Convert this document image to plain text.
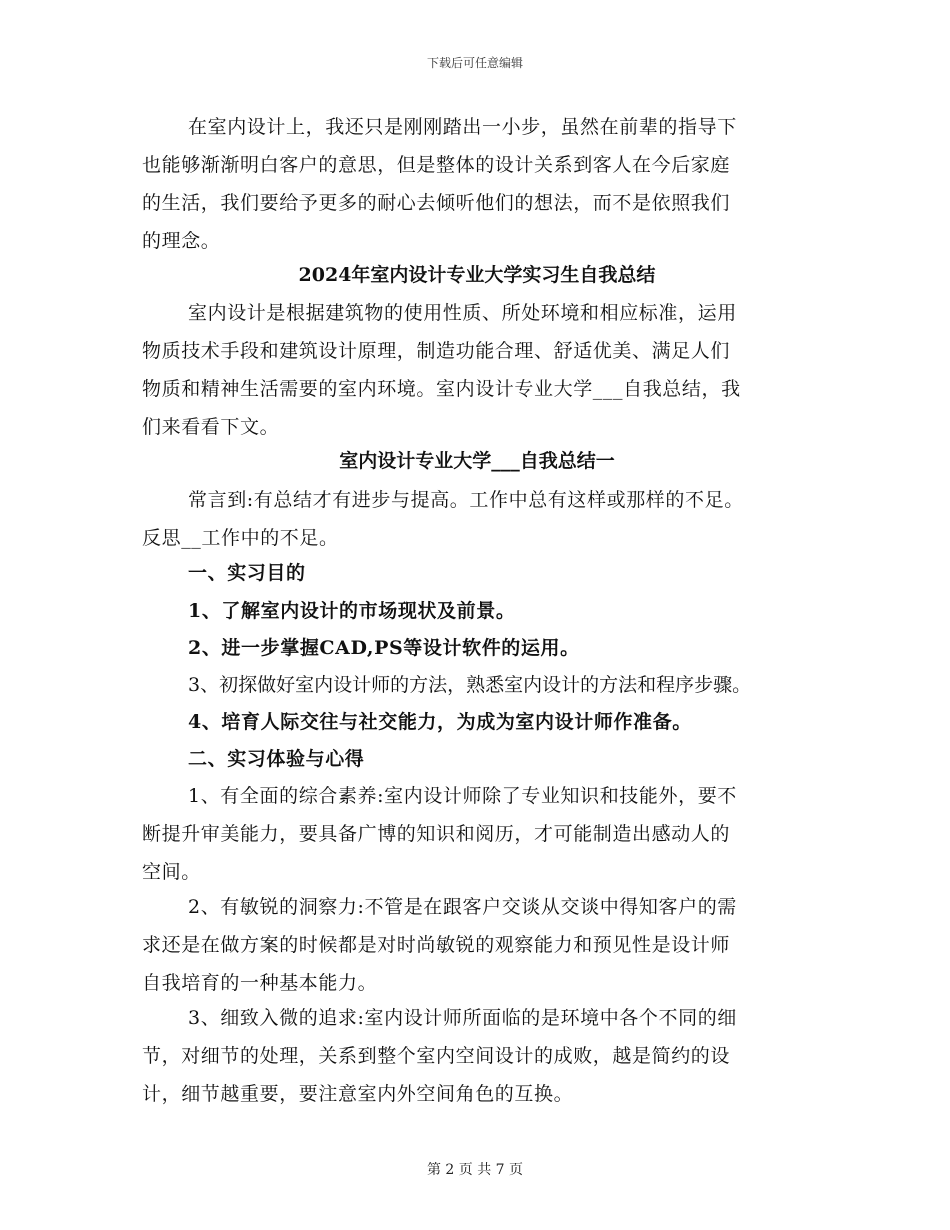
下载后可任意编辑
在室内设计上，我还只是刚刚踏出一小步，虽然在前辈的指导下
也能够渐渐明白客户的意思，但是整体的设计关系到客人在今后家庭
的生活，我们要给予更多的耐心去倾听他们的想法，而不是依照我们
的理念。
2024年室内设计专业大学实习生自我总结
室内设计是根据建筑物的使用性质、所处环境和相应标准，运用
物质技术手段和建筑设计原理，制造功能合理、舒适优美、满足人们
物质和精神生活需要的室内环境。室内设计专业大学___自我总结，我
们来看看下文。
室内设计专业大学___自我总结一
常言到:有总结才有进步与提高。工作中总有这样或那样的不足。
反思__工作中的不足。
一、实习目的
1、了解室内设计的市场现状及前景。
2、进一步掌握CAD,PS等设计软件的运用。
3、初探做好室内设计师的方法，熟悉室内设计的方法和程序步骤。
4、培育人际交往与社交能力，为成为室内设计师作准备。
二、实习体验与心得
1、有全面的综合素养:室内设计师除了专业知识和技能外，要不
断提升审美能力，要具备广博的知识和阅历，才可能制造出感动人的
空间。
2、有敏锐的洞察力:不管是在跟客户交谈从交谈中得知客户的需
求还是在做方案的时候都是对时尚敏锐的观察能力和预见性是设计师
自我培育的一种基本能力。
3、细致入微的追求:室内设计师所面临的是环境中各个不同的细
节，对细节的处理，关系到整个室内空间设计的成败，越是简约的设
计，细节越重要，要注意室内外空间角色的互换。
第 2 页 共 7 页
